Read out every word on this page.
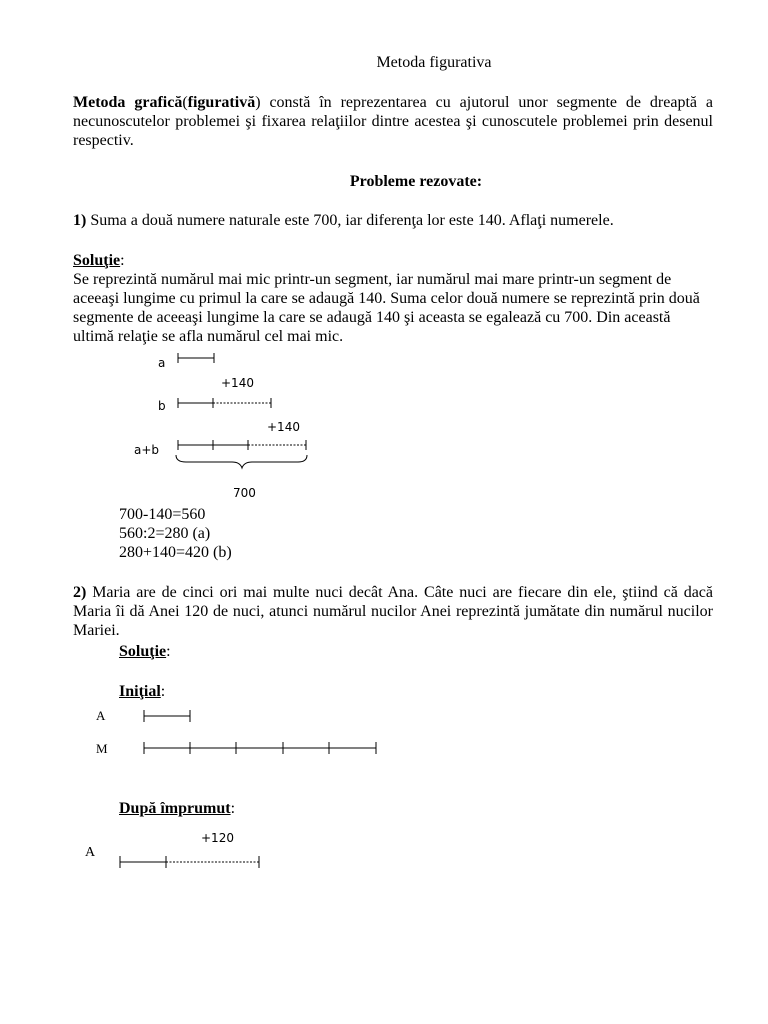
Metoda figurativa
Metoda grafică(figurativă) constă în reprezentarea cu ajutorul unor segmente de dreaptă a necunoscutelor problemei şi fixarea relaţiilor dintre acestea şi cunoscutele problemei prin desenul respectiv.
Probleme rezovate:
1) Suma a două numere naturale este 700, iar diferenţa lor este 140. Aflaţi numerele.
Soluţie:
Se reprezintă numărul mai mic printr-un segment, iar numărul mai mare printr-un segment de aceeaşi lungime cu primul la care se adaugă 140. Suma celor două numere se reprezintă prin două segmente de aceeaşi lungime la care se adaugă 140 şi aceasta se egalează cu 700. Din această ultimă relaţie se afla numărul cel mai mic.
a
+140
b
+140
a+b
700
700-140=560
560:2=280 (a)
280+140=420 (b)
2) Maria are de cinci ori mai multe nuci decât Ana. Câte nuci are fiecare din ele, ştiind că dacă Maria îi dă Anei 120 de nuci, atunci numărul nucilor Anei reprezintă jumătate din numărul nucilor Mariei.
Soluţie:
Iniţial:
A
M
După împrumut:
+120
A
